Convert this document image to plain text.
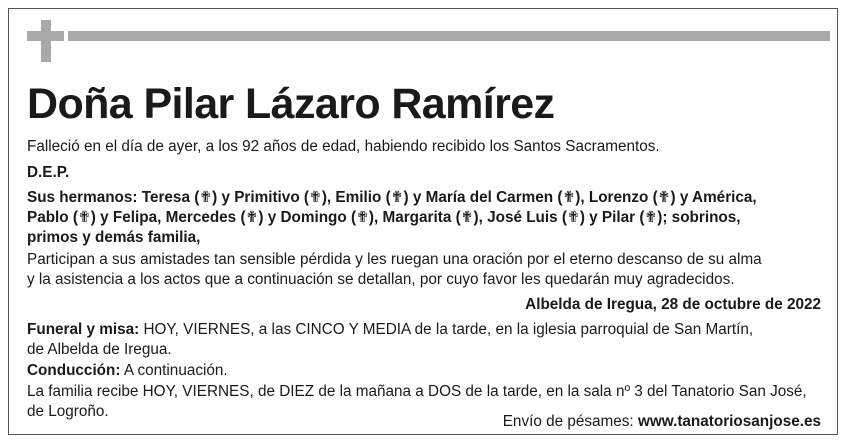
Doña Pilar Lázaro Ramírez

Falleció en el día de ayer, a los 92 años de edad, habiendo recibido los Santos Sacramentos.

D.E.P.

Sus hermanos: Teresa (✟) y Primitivo (✟), Emilio (✟) y María del Carmen (✟), Lorenzo (✟) y América,
Pablo (✟) y Felipa, Mercedes (✟) y Domingo (✟), Margarita (✟), José Luis (✟) y Pilar (✟); sobrinos,
primos y demás familia,

Participan a sus amistades tan sensible pérdida y les ruegan una oración por el eterno descanso de su alma
y la asistencia a los actos que a continuación se detallan, por cuyo favor les quedarán muy agradecidos.

Albelda de Iregua, 28 de octubre de 2022

Funeral y misa: HOY, VIERNES, a las CINCO Y MEDIA de la tarde, en la iglesia parroquial de San Martín,
de Albelda de Iregua.

Conducción: A continuación.

La familia recibe HOY, VIERNES, de DIEZ de la mañana a DOS de la tarde, en la sala nº 3 del Tanatorio San José,
de Logroño.

Envío de pésames: www.tanatoriosanjose.es
